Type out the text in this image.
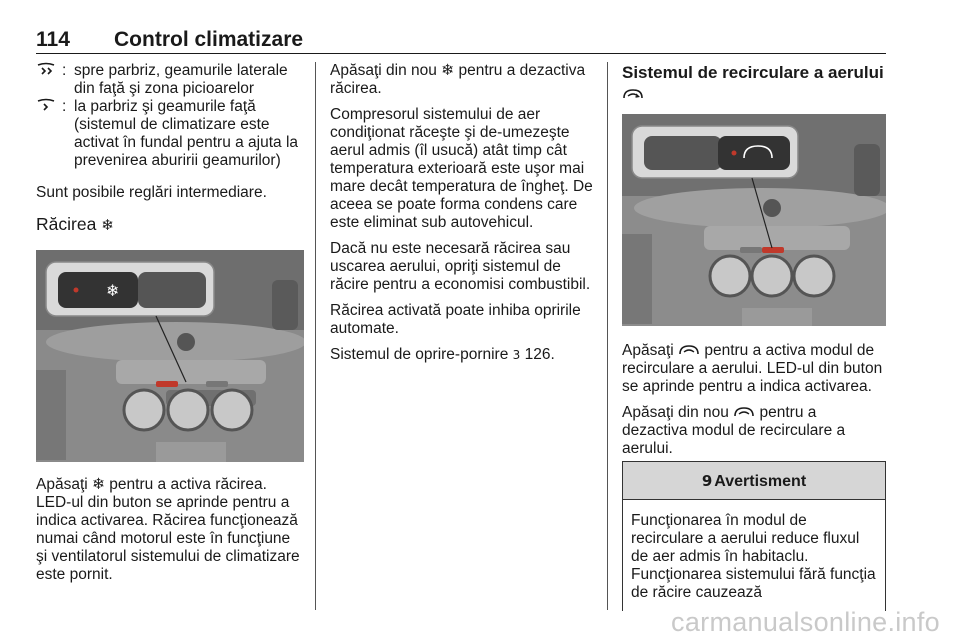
114 Control climatizare
: spre parbriz, geamurile laterale din faţă şi zona picioarelor
: la parbriz şi geamurile faţă (sistemul de climatizare este activat în fundal pentru a ajuta la prevenirea aburirii geamurilor)

Sunt posibile reglări intermediare.

Răcirea ❄
❄

Apăsaţi ❄ pentru a activa răcirea. LED-ul din buton se aprinde pentru a indica activarea. Răcirea funcţionează numai când motorul este în funcţiune şi ventilatorul sistemului de climatizare este pornit.

Apăsaţi din nou ❄ pentru a dezactiva răcirea.

Compresorul sistemului de aer condiţionat răceşte şi de-umezeşte aerul admis (îl usucă) atât timp cât temperatura exterioară este uşor mai mare decât temperatura de îngheţ. De aceea se poate forma condens care este eliminat sub autovehicul.

Dacă nu este necesară răcirea sau uscarea aerului, opriţi sistemul de răcire pentru a economisi combustibil.

Răcirea activată poate inhiba opririle automate.

Sistemul de oprire-pornire 3 126.

Sistemul de recirculare a aerului

Apăsaţi pentru a activa modul de recirculare a aerului. LED-ul din buton se aprinde pentru a indica activarea.

Apăsaţi din nou pentru a dezactiva modul de recirculare a aerului.

9 Avertisment
Funcţionarea în modul de recirculare a aerului reduce fluxul de aer admis în habitaclu. Funcţionarea sistemului fără funcţia de răcire cauzează
carmanualsonline.info
